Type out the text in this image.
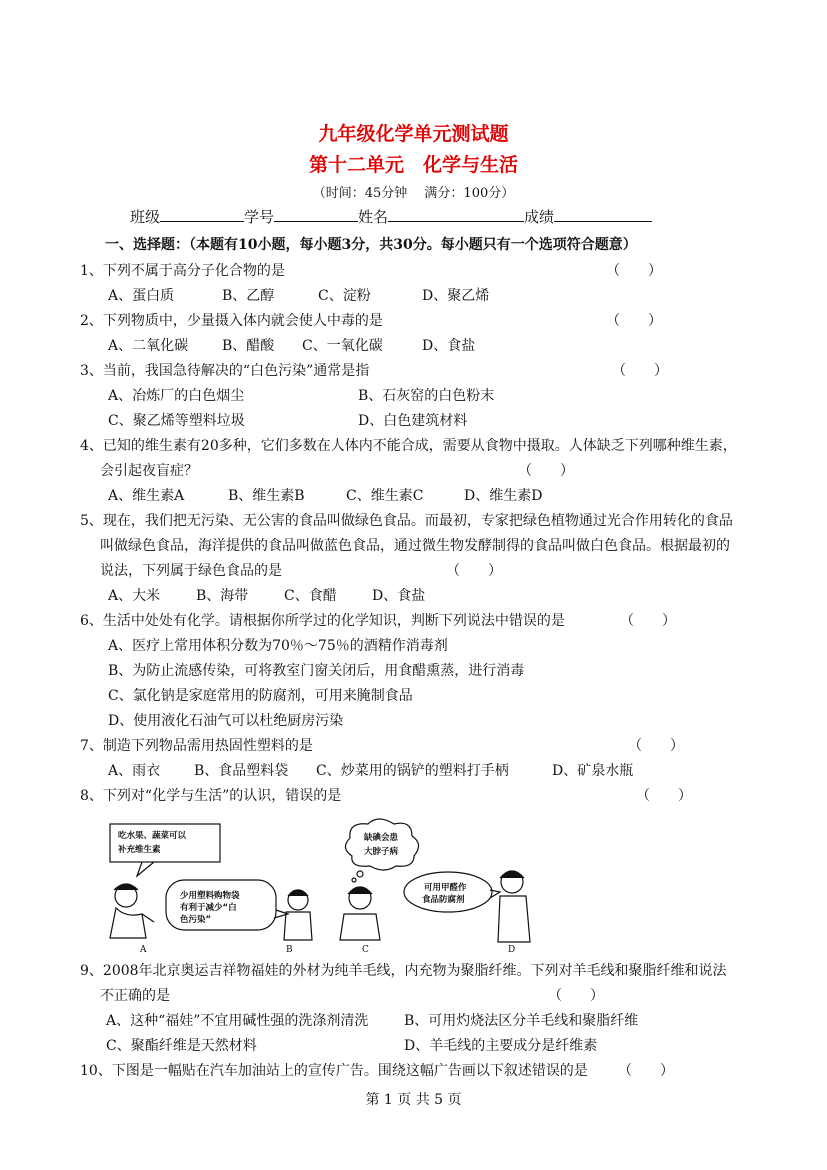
九年级化学单元测试题
第十二单元　化学与生活
（时间：45分钟　 满分：100分）
班级	学号	姓名	成绩
一、选择题：（本题有10小题，每小题3分，共30分。每小题只有一个选项符合题意）
1、下列不属于高分子化合物的是	（　　）
A、蛋白质	B、乙醇	C、淀粉	D、聚乙烯
2、下列物质中，少量摄入体内就会使人中毒的是	（　　）
A、二氧化碳 B、醋酸 C、一氧化碳	D、食盐
3、当前，我国急待解决的“白色污染”通常是指	（　　）
A、冶炼厂的白色烟尘	B、石灰窑的白色粉末
C、聚乙烯等塑料垃圾	D、白色建筑材料
4、已知的维生素有20多种，它们多数在人体内不能合成，需要从食物中摄取。人体缺乏下列哪种维生素，
会引起夜盲症？	（　　）
A、维生素A	B、维生素B	C、维生素C	D、维生素D
5、现在，我们把无污染、无公害的食品叫做绿色食品。而最初，专家把绿色植物通过光合作用转化的食品
叫做绿色食品，海洋提供的食品叫做蓝色食品，通过微生物发酵制得的食品叫做白色食品。根据最初的
说法，下列属于绿色食品的是	（　　）
A、大米	B、海带	C、食醋	D、食盐
6、生活中处处有化学。请根据你所学过的化学知识，判断下列说法中错误的是	（　　）
A、医疗上常用体积分数为70％～75％的酒精作消毒剂
B、为防止流感传染，可将教室门窗关闭后，用食醋熏蒸，进行消毒
C、氯化钠是家庭常用的防腐剂，可用来腌制食品
D、使用液化石油气可以杜绝厨房污染
7、制造下列物品需用热固性塑料的是	（　　）
A、雨衣 B、食品塑料袋 C、炒菜用的锅铲的塑料打手柄	D、矿泉水瓶
8、下列对“化学与生活”的认识，错误的是	（　　）
吃水果、蔬菜可以
补充维生素
少用塑料购物袋
有利于减少“白
色污染”
缺碘会患
大脖子病
可用甲醛作
食品防腐剂
A	B	C	D
9、2008年北京奥运吉祥物福娃的外材为纯羊毛线，内充物为聚脂纤维。下列对羊毛线和聚脂纤维和说法
不正确的是	（　　）
A、这种“福娃”不宜用碱性强的洗涤剂清洗	B、可用灼烧法区分羊毛线和聚脂纤维
C、聚酯纤维是天然材料	D、羊毛线的主要成分是纤维素
10、下图是一幅贴在汽车加油站上的宣传广告。围绕这幅广告画以下叙述错误的是 （　　）
第 1 页 共 5 页
